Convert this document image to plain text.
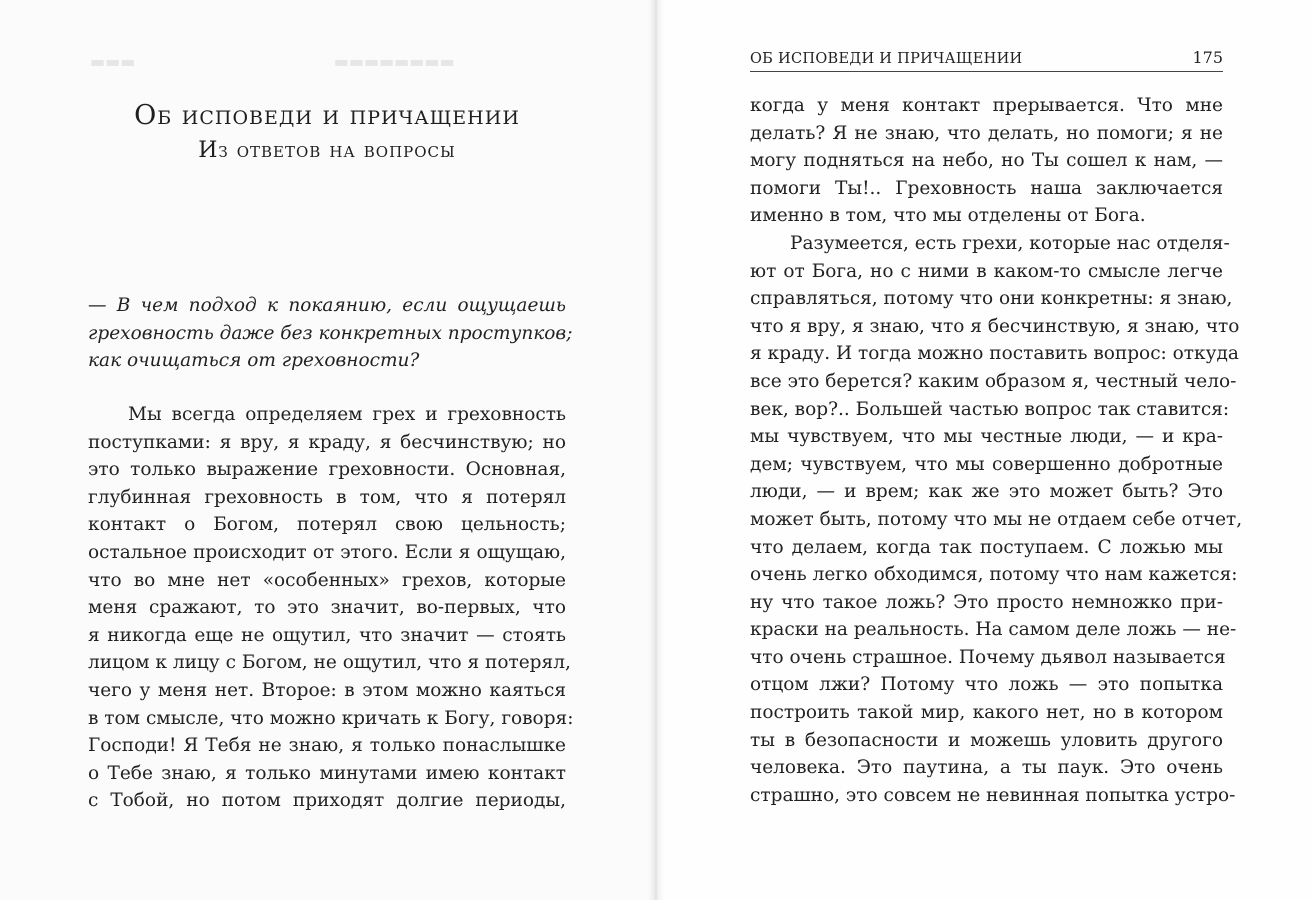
▬▬▬                                       ▬▬▬▬▬▬▬▬
Об исповеди и причащении
Из ответов на вопросы
— В чем подход к покаянию, если ощущаешь
греховность даже без конкретных проступков;
как очищаться от греховности?
Мы всегда определяем грех и греховность
поступками: я вру, я краду, я бесчинствую; но
это только выражение греховности. Основная,
глубинная греховность в том, что я потерял
контакт о Богом, потерял свою цельность;
остальное происходит от этого. Если я ощущаю,
что во мне нет «особенных» грехов, которые
меня сражают, то это значит, во-первых, что
я никогда еще не ощутил, что значит — стоять
лицом к лицу с Богом, не ощутил, что я потерял,
чего у меня нет. Второе: в этом можно каяться
в том смысле, что можно кричать к Богу, говоря:
Господи! Я Тебя не знаю, я только понаслышке
о Тебе знаю, я только минутами имею контакт
с Тобой, но потом приходят долгие периоды,
ОБ ИСПОВЕДИ И ПРИЧАЩЕНИИ	175
когда у меня контакт прерывается. Что мне
делать? Я не знаю, что делать, но помоги; я не
могу подняться на небо, но Ты сошел к нам, —
помоги Ты!.. Греховность наша заключается
именно в том, что мы отделены от Бога.
Разумеется, есть грехи, которые нас отделя-
ют от Бога, но с ними в каком-то смысле легче
справляться, потому что они конкретны: я знаю,
что я вру, я знаю, что я бесчинствую, я знаю, что
я краду. И тогда можно поставить вопрос: откуда
все это берется? каким образом я, честный чело-
век, вор?.. Большей частью вопрос так ставится:
мы чувствуем, что мы честные люди, — и кра-
дем; чувствуем, что мы совершенно добротные
люди, — и врем; как же это может быть? Это
может быть, потому что мы не отдаем себе отчет,
что делаем, когда так поступаем. С ложью мы
очень легко обходимся, потому что нам кажется:
ну что такое ложь? Это просто немножко при-
краски на реальность. На самом деле ложь — не-
что очень страшное. Почему дьявол называется
отцом лжи? Потому что ложь — это попытка
построить такой мир, какого нет, но в котором
ты в безопасности и можешь уловить другого
человека. Это паутина, а ты паук. Это очень
страшно, это совсем не невинная попытка устро-
